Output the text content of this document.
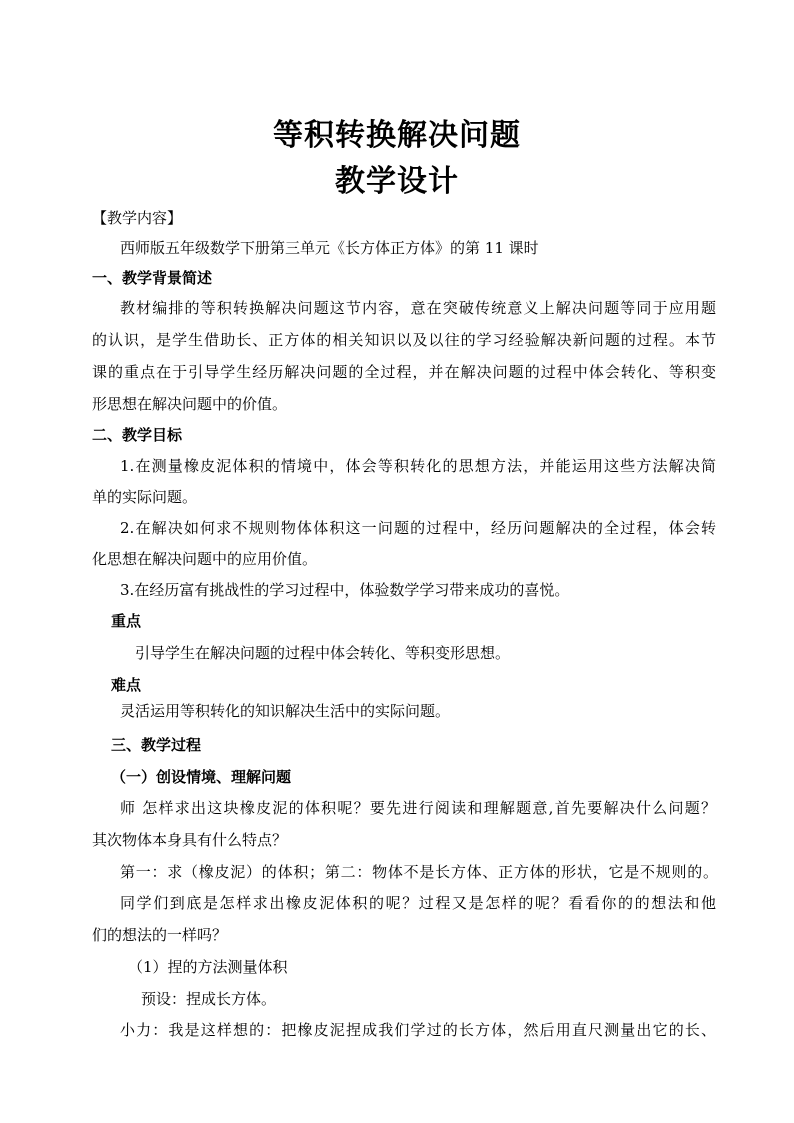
等积转换解决问题
教学设计
【教学内容】
西师版五年级数学下册第三单元《长方体正方体》的第 11 课时
一、教学背景简述
教材编排的等积转换解决问题这节内容，意在突破传统意义上解决问题等同于应用题
的认识，是学生借助长、正方体的相关知识以及以往的学习经验解决新问题的过程。本节
课的重点在于引导学生经历解决问题的全过程，并在解决问题的过程中体会转化、等积变
形思想在解决问题中的价值。
二、教学目标
1.在测量橡皮泥体积的情境中，体会等积转化的思想方法，并能运用这些方法解决简
单的实际问题。
2.在解决如何求不规则物体体积这一问题的过程中，经历问题解决的全过程，体会转
化思想在解决问题中的应用价值。
3.在经历富有挑战性的学习过程中，体验数学学习带来成功的喜悦。
重点
引导学生在解决问题的过程中体会转化、等积变形思想。
难点
灵活运用等积转化的知识解决生活中的实际问题。
三、教学过程
（一）创设情境、理解问题
师 怎样求出这块橡皮泥的体积呢？要先进行阅读和理解题意,首先要解决什么问题？
其次物体本身具有什么特点？
第一：求（橡皮泥）的体积；第二：物体不是长方体、正方体的形状，它是不规则的。
同学们到底是怎样求出橡皮泥体积的呢？过程又是怎样的呢？看看你的的想法和他
们的想法的一样吗？
（1）捏的方法测量体积
预设：捏成长方体。
小力：我是这样想的：把橡皮泥捏成我们学过的长方体，然后用直尺测量出它的长、
